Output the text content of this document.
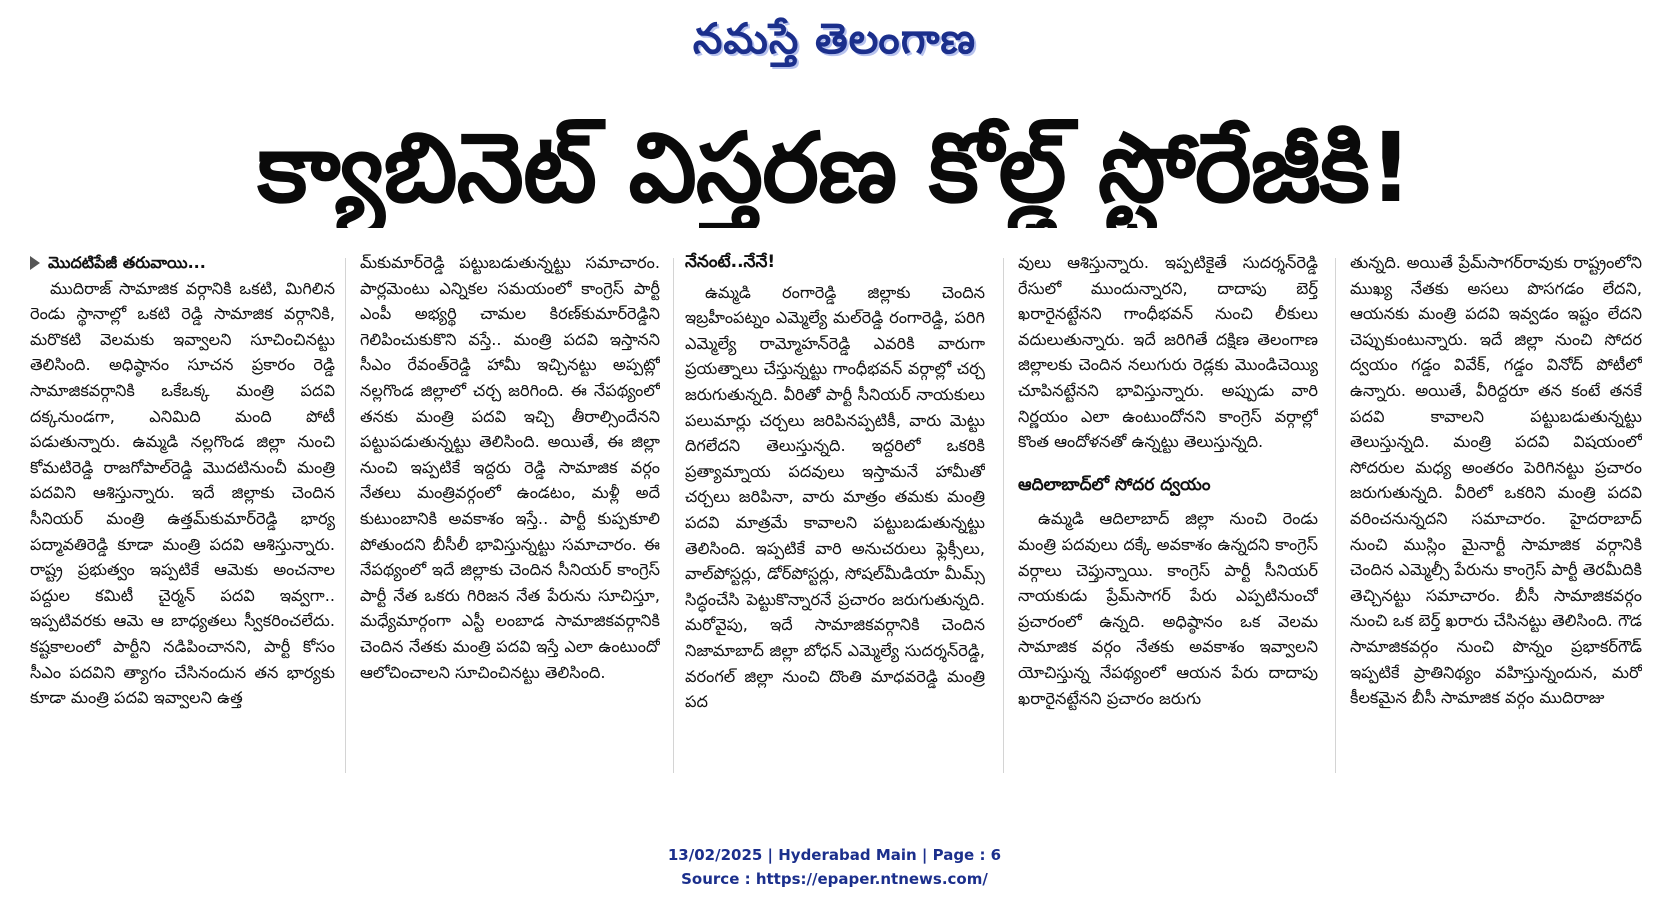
నమస్తే తెలంగాణ
క్యాబినెట్ విస్తరణ కోల్డ్ స్టోరేజీకి!
మొదటిపేజీ తరువాయి...

ముదిరాజ్ సామాజిక వర్గానికి ఒకటి, మిగిలిన రెండు స్థానాల్లో ఒకటి రెడ్డి సామాజిక వర్గానికి, మరొకటి వెలమకు ఇవ్వాలని సూచించినట్టు తెలిసింది. అధిష్ఠానం సూచన ప్రకారం రెడ్డి సామాజికవర్గానికి ఒకేఒక్క మంత్రి పదవి దక్కనుండగా, ఎనిమిది మంది పోటీ పడుతున్నారు. ఉమ్మడి నల్లగొండ జిల్లా నుంచి కోమటిరెడ్డి రాజగోపాల్‌రెడ్డి మొదటినుంచీ మంత్రి పదవిని ఆశిస్తున్నారు. ఇదే జిల్లాకు చెందిన సీనియర్ మంత్రి ఉత్తమ్‌కుమార్‌రెడ్డి భార్య పద్మావతిరెడ్డి కూడా మంత్రి పదవి ఆశిస్తున్నారు. రాష్ట్ర ప్రభుత్వం ఇప్పటికే ఆమెకు అంచనాల పద్దుల కమిటీ చైర్మన్ పదవి ఇవ్వగా.. ఇప్పటివరకు ఆమె ఆ బాధ్యతలు స్వీకరించలేదు. కష్టకాలంలో పార్టీని నడిపించానని, పార్టీ కోసం సీఎం పదవిని త్యాగం చేసినందున తన భార్యకు కూడా మంత్రి పదవి ఇవ్వాలని ఉత్త

మ్‌కుమార్‌రెడ్డి పట్టుబడుతున్నట్టు సమాచారం. పార్లమెంటు ఎన్నికల సమయంలో కాంగ్రెస్ పార్టీ ఎంపీ అభ్యర్థి చామల కిరణ్‌కుమార్‌రెడ్డిని గెలిపించుకుకొని వస్తే.. మంత్రి పదవి ఇస్తానని సీఎం రేవంత్‌రెడ్డి హామీ ఇచ్చినట్టు అప్పట్లో నల్లగొండ జిల్లాలో చర్చ జరిగింది. ఈ నేపథ్యంలో తనకు మంత్రి పదవి ఇచ్చి తీరాల్సిందేనని పట్టుపడుతున్నట్టు తెలిసింది. అయితే, ఈ జిల్లా నుంచి ఇప్పటికే ఇద్దరు రెడ్డి సామాజిక వర్గం నేతలు మంత్రివర్గంలో ఉండటం, మళ్లీ అదే కుటుంబానికి అవకాశం ఇస్తే.. పార్టీ కుప్పకూలి పోతుందని బీసీలీ భావిస్తున్నట్టు సమాచారం. ఈ నేపథ్యంలో ఇదే జిల్లాకు చెందిన సీనియర్ కాంగ్రెస్ పార్టీ నేత ఒకరు గిరిజన నేత పేరును సూచిస్తూ, మధ్యేమార్గంగా ఎస్టీ లంబాడ సామాజికవర్గానికి చెందిన నేతకు మంత్రి పదవి ఇస్తే ఎలా ఉంటుందో ఆలోచించాలని సూచించినట్టు తెలిసింది.

నేనంటే..నేనే!

ఉమ్మడి రంగారెడ్డి జిల్లాకు చెందిన ఇబ్రహీంపట్నం ఎమ్మెల్యే మల్‌రెడ్డి రంగారెడ్డి, పరిగి ఎమ్మెల్యే రామ్మోహన్‌రెడ్డి ఎవరికి వారుగా ప్రయత్నాలు చేస్తున్నట్టు గాంధీభవన్ వర్గాల్లో చర్చ జరుగుతున్నది. వీరితో పార్టీ సీనియర్ నాయకులు పలుమార్లు చర్చలు జరిపినప్పటికీ, వారు మెట్టు దిగలేదని తెలుస్తున్నది. ఇద్దరిలో ఒకరికి ప్రత్యామ్నాయ పదవులు ఇస్తామనే హామీతో చర్చలు జరిపినా, వారు మాత్రం తమకు మంత్రి పదవి మాత్రమే కావాలని పట్టుబడుతున్నట్టు తెలిసింది. ఇప్పటికే వారి అనుచరులు ఫ్లెక్సీలు, వాల్‌పోస్టర్లు, డోర్‌పోస్టర్లు, సోషల్‌మీడియా మీమ్స్ సిద్ధంచేసి పెట్టుకొన్నారనే ప్రచారం జరుగుతున్నది. మరోవైపు, ఇదే సామాజికవర్గానికి చెందిన నిజామాబాద్ జిల్లా బోధన్ ఎమ్మెల్యే సుదర్శన్‌రెడ్డి, వరంగల్ జిల్లా నుంచి దొంతి మాధవరెడ్డి మంత్రి పద

వులు ఆశిస్తున్నారు. ఇప్పటికైతే సుదర్శన్‌రెడ్డి రేసులో ముందున్నారని, దాదాపు బెర్త్ ఖరారైనట్టేనని గాంధీభవన్ నుంచి లీకులు వదులుతున్నారు. ఇదే జరిగితే దక్షిణ తెలంగాణ జిల్లాలకు చెందిన నలుగురు రెడ్లకు మొండిచెయ్యి చూపినట్టేనని భావిస్తున్నారు. అప్పుడు వారి నిర్ణయం ఎలా ఉంటుందోనని కాంగ్రెస్ వర్గాల్లో కొంత ఆందోళనతో ఉన్నట్టు తెలుస్తున్నది.

ఆదిలాబాద్‌లో సోదర ద్వయం

ఉమ్మడి ఆదిలాబాద్ జిల్లా నుంచి రెండు మంత్రి పదవులు దక్కే అవకాశం ఉన్నదని కాంగ్రెస్ వర్గాలు చెప్తున్నాయి. కాంగ్రెస్ పార్టీ సీనియర్ నాయకుడు ప్రేమ్‌సాగర్ పేరు ఎప్పటినుంచో ప్రచారంలో ఉన్నది. అధిష్ఠానం ఒక వెలమ సామాజిక వర్గం నేతకు అవకాశం ఇవ్వాలని యోచిస్తున్న నేపథ్యంలో ఆయన పేరు దాదాపు ఖరారైనట్టేనని ప్రచారం జరుగు

తున్నది. అయితే ప్రేమ్‌సాగర్‌రావుకు రాష్ట్రంలోని ముఖ్య నేతకు అసలు పొసగడం లేదని, ఆయనకు మంత్రి పదవి ఇవ్వడం ఇష్టం లేదని చెప్పుకుంటున్నారు. ఇదే జిల్లా నుంచి సోదర ద్వయం గడ్డం వివేక్, గడ్డం వినోద్ పోటీలో ఉన్నారు. అయితే, వీరిద్దరూ తన కంటే తనకే పదవి కావాలని పట్టుబడుతున్నట్టు తెలుస్తున్నది. మంత్రి పదవి విషయంలో సోదరుల మధ్య అంతరం పెరిగినట్టు ప్రచారం జరుగుతున్నది. వీరిలో ఒకరిని మంత్రి పదవి వరించనున్నదని సమాచారం. హైదరాబాద్ నుంచి ముస్లిం మైనార్టీ సామాజిక వర్గానికి చెందిన ఎమ్మెల్సీ పేరును కాంగ్రెస్ పార్టీ తెరమీదికి తెచ్చినట్టు సమాచారం. బీసీ సామాజికవర్గం నుంచి ఒక బెర్త్ ఖరారు చేసినట్టు తెలిసింది. గౌడ సామాజికవర్గం నుంచి పొన్నం ప్రభాకర్‌గౌడ్ ఇప్పటికే ప్రాతినిథ్యం వహిస్తున్నందున, మరో కీలకమైన బీసీ సామాజిక వర్గం ముదిరాజు

13/02/2025 | Hyderabad Main | Page : 6
Source : https://epaper.ntnews.com/
